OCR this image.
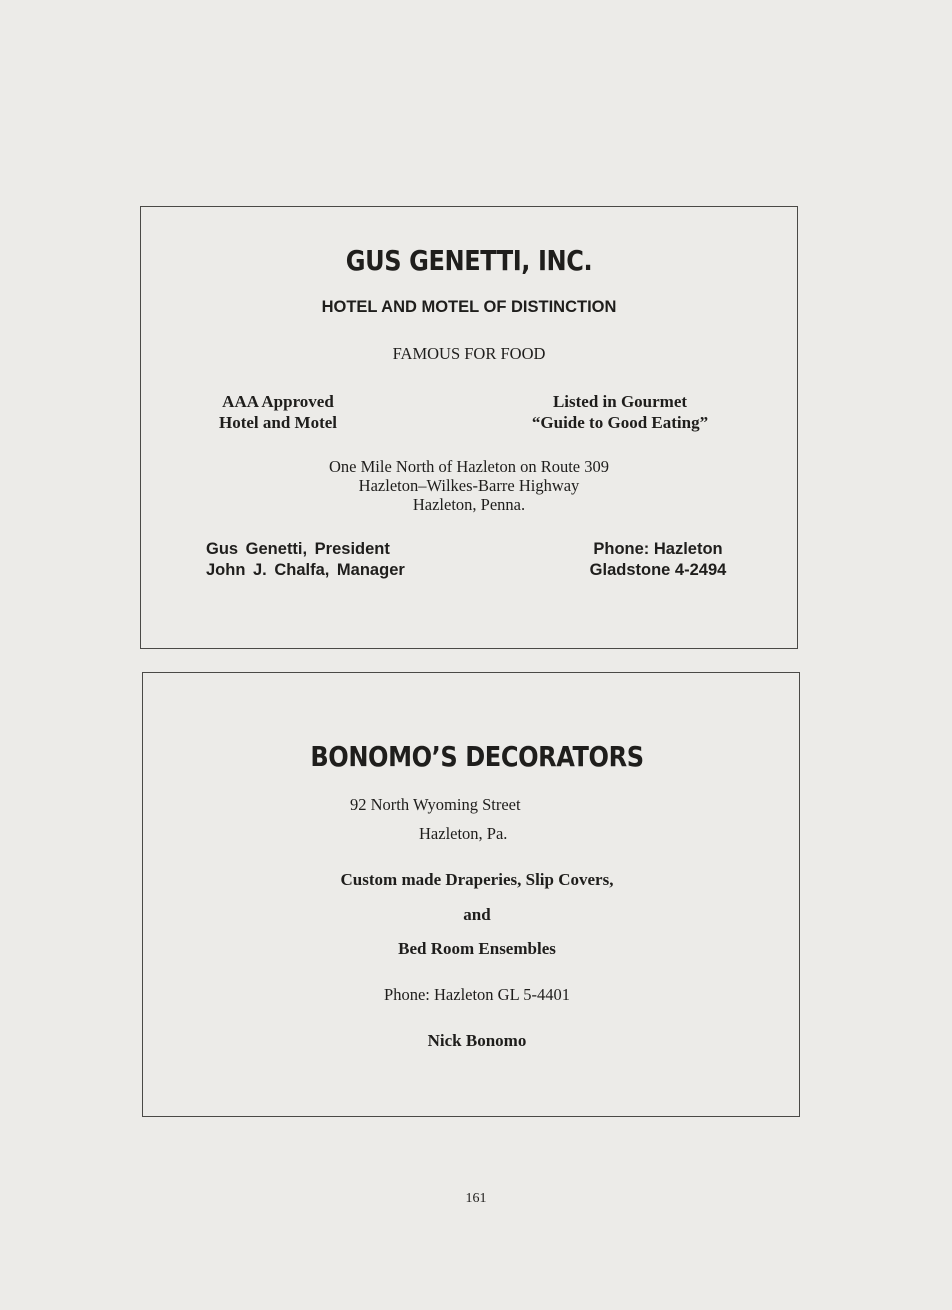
GUS GENETTI, INC.
HOTEL AND MOTEL OF DISTINCTION
FAMOUS FOR FOOD
AAA Approved
Hotel and Motel
Listed in Gourmet
“Guide to Good Eating”
One Mile North of Hazleton on Route 309
Hazleton–Wilkes-Barre Highway
Hazleton, Penna.
Gus Genetti, President
John J. Chalfa, Manager
Phone: Hazleton
Gladstone 4-2494
BONOMO’S DECORATORS
92 North Wyoming Street
Hazleton, Pa.
Custom made Draperies, Slip Covers,
and
Bed Room Ensembles
Phone: Hazleton GL 5-4401
Nick Bonomo
161
